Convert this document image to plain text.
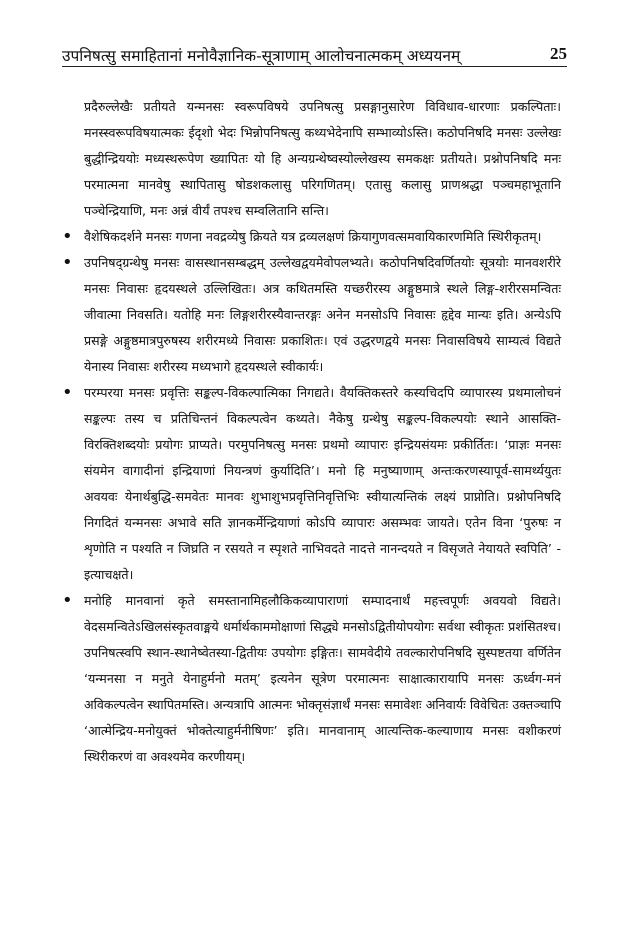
उपनिषत्सु समाहितानां मनोवैज्ञानिक-सूत्राणाम् आलोचनात्मकम् अध्ययनम्	25

प्रदैरुल्लेखैः प्रतीयते यन्मनसः स्वरूपविषये उपनिषत्सु प्रसङ्गानुसारेण विविधाव-धारणाः प्रकल्पिताः। मनस्स्वरूपविषयात्मकः ईदृशो भेदः भिन्नोपनिषत्सु कथ्यभेदेनापि सम्भाव्योऽस्ति। कठोपनिषदि मनसः उल्लेखः बुद्धीन्द्रिययोः मध्यस्थरूपेण ख्यापितः यो हि अन्यग्रन्थेष्वस्योल्लेखस्य समकक्षः प्रतीयते। प्रश्नोपनिषदि मनः परमात्मना मानवेषु स्थापितासु षोडशकलासु परिगणितम्। एतासु कलासु प्राणश्रद्धा पञ्चमहाभूतानि पञ्चेन्द्रियाणि, मनः अन्नं वीर्यं तपश्च सम्वलितानि सन्ति।

• वैशेषिकदर्शने मनसः गणना नवद्रव्येषु क्रियते यत्र द्रव्यलक्षणं क्रियागुणवत्समवायिकारणमिति स्थिरीकृतम्।
• उपनिषद्ग्रन्थेषु मनसः वासस्थानसम्बद्धम् उल्लेखद्वयमेवोपलभ्यते। कठोपनिषदिवर्णितयोः सूत्रयोः मानवशरीरे मनसः निवासः हृदयस्थले उल्लिखितः। अत्र कथितमस्ति यच्छरीरस्य अङ्गुष्ठमात्रे स्थले लिङ्ग-शरीरसमन्वितः जीवात्मा निवसति। यतोहि मनः लिङ्गशरीरस्यैवान्तरङ्गः अनेन मनसोऽपि निवासः हृद्देव मान्यः इति। अन्येऽपि प्रसङ्गे अङ्गुष्ठमात्रपुरुषस्य शरीरमध्ये निवासः प्रकाशितः। एवं उद्धरणद्वये मनसः निवासविषये साम्यत्वं विद्यते येनास्य निवासः शरीरस्य मध्यभागे हृदयस्थले स्वीकार्यः।
• परम्परया मनसः प्रवृत्तिः सङ्कल्प-विकल्पात्मिका निगद्यते। वैयक्तिकस्तरे कस्यचिदपि व्यापारस्य प्रथमालोचनं सङ्कल्पः तस्य च प्रतिचिन्तनं विकल्पत्वेन कथ्यते। नैकेषु ग्रन्थेषु सङ्कल्प-विकल्पयोः स्थाने आसक्ति-विरक्तिशब्दयोः प्रयोगः प्राप्यते। परमुपनिषत्सु मनसः प्रथमो व्यापारः इन्द्रियसंयमः प्रकीर्तितः। ‘प्राज्ञः मनसः संयमेन वागादीनां इन्द्रियाणां नियन्त्रणं कुर्यादिति’। मनो हि मनुष्याणाम् अन्तःकरणस्यापूर्व-सामर्थ्ययुतः अवयवः येनार्थबुद्धि-समवेतः मानवः शुभाशुभप्रवृत्तिनिवृत्तिभिः स्वीयात्यन्तिकं लक्ष्यं प्राप्नोति। प्रश्नोपनिषदि निगदितं यन्मनसः अभावे सति ज्ञानकर्मेन्द्रियाणां कोऽपि व्यापारः असम्भवः जायते। एतेन विना ‘पुरुषः न शृणोति न पश्यति न जिघ्रति न रसयते न स्पृशते नाभिवदते नादत्ते नानन्दयते न विसृजते नेयायते स्वपिति’ - इत्याचक्षते।
• मनोहि मानवानां कृते समस्तानामिहलौकिकव्यापाराणां सम्पादनार्थं महत्त्वपूर्णः अवयवो विद्यते। वेदसमन्वितेऽखिलसंस्कृतवाङ्मये धर्मार्थकाममोक्षाणां सिद्ध्ये मनसोऽद्वितीयोपयोगः सर्वथा स्वीकृतः प्रशंसितश्च। उपनिषत्स्वपि स्थान-स्थानेष्वेतस्या-द्वितीयः उपयोगः इङ्गितः। सामवेदीये तवल्कारोपनिषदि सुस्पष्टतया वर्णितेन ‘यन्मनसा न मनुते येनाहुर्मनो मतम्’ इत्यनेन सूत्रेण परमात्मनः साक्षात्कारायापि मनसः ऊर्ध्वग-मनं अविकल्पत्वेन स्थापितमस्ति। अन्यत्रापि आत्मनः भोक्तृसंज्ञार्थं मनसः समावेशः अनिवार्यः विवेचितः उक्तञ्चापि ‘आत्मेन्द्रिय-मनोयुक्तं भोक्तेत्याहुर्मनीषिणः’ इति। मानवानाम् आत्यन्तिक-कल्याणाय मनसः वशीकरणं स्थिरीकरणं वा अवश्यमेव करणीयम्।
